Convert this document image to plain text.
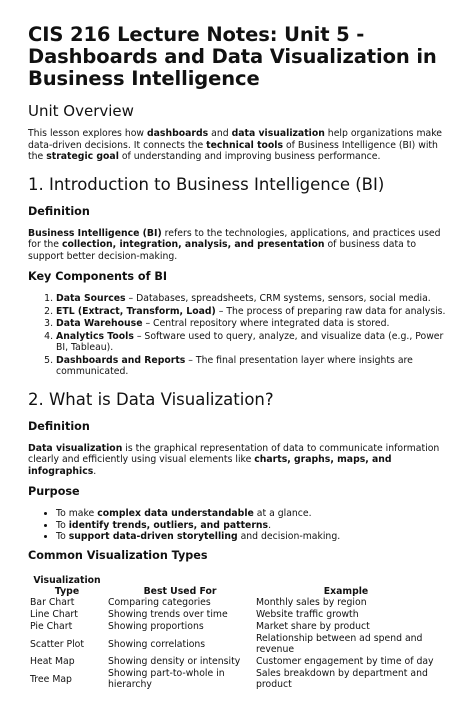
CIS 216 Lecture Notes: Unit 5 - Dashboards and Data Visualization in Business Intelligence
Unit Overview

This lesson explores how dashboards and data visualization help organizations make data-driven decisions. It connects the technical tools of Business Intelligence (BI) with the strategic goal of understanding and improving business performance.

1. Introduction to Business Intelligence (BI)
Definition

Business Intelligence (BI) refers to the technologies, applications, and practices used for the collection, integration, analysis, and presentation of business data to support better decision-making.

Key Components of BI
1. Data Sources – Databases, spreadsheets, CRM systems, sensors, social media.
2. ETL (Extract, Transform, Load) – The process of preparing raw data for analysis.
3. Data Warehouse – Central repository where integrated data is stored.
4. Analytics Tools – Software used to query, analyze, and visualize data (e.g., Power BI, Tableau).
5. Dashboards and Reports – The final presentation layer where insights are communicated.
2. What is Data Visualization?
Definition

Data visualization is the graphical representation of data to communicate information clearly and efficiently using visual elements like charts, graphs, maps, and infographics.

Purpose
• To make complex data understandable at a glance.
• To identify trends, outliers, and patterns.
• To support data-driven storytelling and decision-making.
Common Visualization Types
Visualization Type	Best Used For	Example
Bar Chart	Comparing categories	Monthly sales by region
Line Chart	Showing trends over time	Website traffic growth
Pie Chart	Showing proportions	Market share by product
Scatter Plot	Showing correlations	Relationship between ad spend and revenue
Heat Map	Showing density or intensity	Customer engagement by time of day
Tree Map	Showing part-to-whole in hierarchy	Sales breakdown by department and product
